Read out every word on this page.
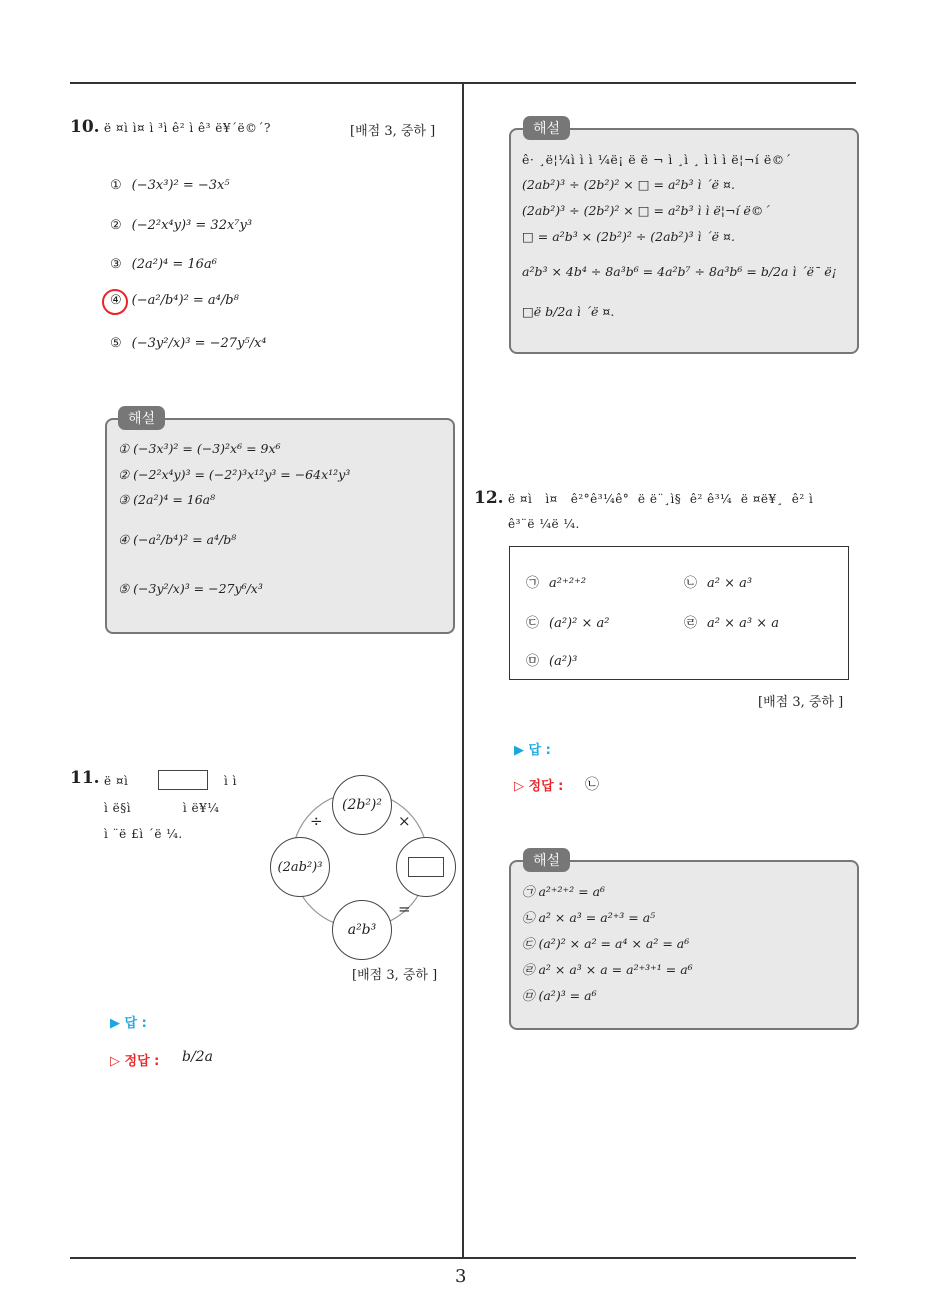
3
10. ë ¤ì ì¤ ì ³ì ê² ì ê³ ë¥´ë©´?	[배점 3, 중하 ]
① (−3x³)² = −3x⁵
② (−2²x⁴y)³ = 32x⁷y³
③ (2a²)⁴ = 16a⁶
④ (−a²/b⁴)² = a⁴/b⁸
⑤ (−3y²/x)³ = −27y⁵/x⁴
해설
① (−3x³)² = (−3)²x⁶ = 9x⁶
② (−2²x⁴y)³ = (−2²)³x¹²y³ = −64x¹²y³
③ (2a²)⁴ = 16a⁸
④ (−a²/b⁴)² = a⁴/b⁸
⑤ (−3y²/x)³ = −27y⁶/x³
11. ë ¤ì	ì ì
ì ë§ì            ì ë¥¼
ì ¨ë £ì ´ë ¼.
(2b²)²
(2ab²)³
a²b³
÷	×
=
[배점 3, 중하 ]
▶ 답 :
▷ 정답 : b/2a
해설
ê· ¸ë¦¼ì ì ì ¼ë¡ ë ë ¬ ì ¸ì ¸ ì ì ì ë¦¬í ë©´
(2ab²)³ ÷ (2b²)² × □ = a²b³ ì ´ë ¤.
(2ab²)³ ÷ (2b²)² × □ = a²b³ ì ì ë¦¬í ë©´
□ = a²b³ × (2b²)² ÷ (2ab²)³ ì ´ë ¤.
a²b³ × 4b⁴ ÷ 8a³b⁶ = 4a²b⁷ ÷ 8a³b⁶ = b/2a ì ´ë¯ ë¡
□ë b/2a ì ´ë ¤.
12. ë ¤ì   ì¤   ê²°ê³¼ê°  ë ë¨¸ì§  ê² ê³¼  ë ¤ë¥¸  ê² ì
ê³¨ë ¼ë ¼.
㉠ a²⁺²⁺²	㉡ a² × a³
㉢ (a²)² × a²	㉣ a² × a³ × a
㉤ (a²)³
[배점 3, 중하 ]
▶ 답 :
▷ 정답 : ㉡
해설
㉠ a²⁺²⁺² = a⁶
㉡ a² × a³ = a²⁺³ = a⁵
㉢ (a²)² × a² = a⁴ × a² = a⁶
㉣ a² × a³ × a = a²⁺³⁺¹ = a⁶
㉤ (a²)³ = a⁶
